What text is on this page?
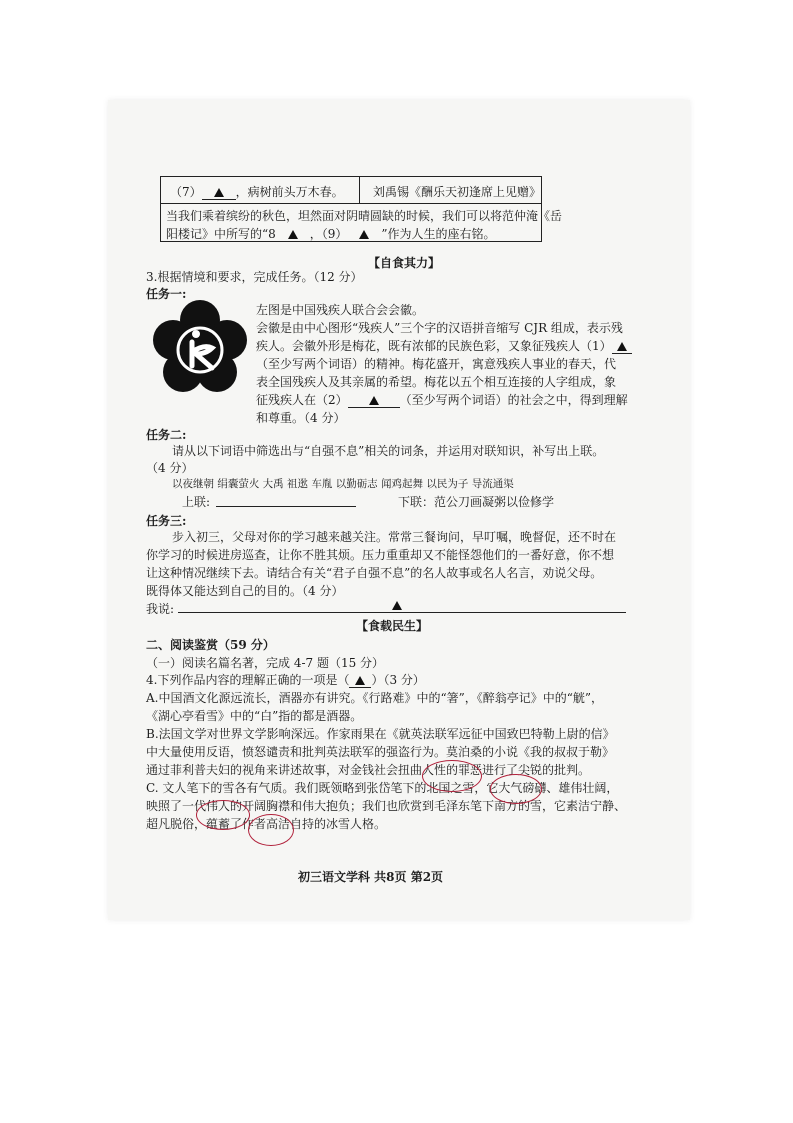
（7）	，病树前头万木春。 刘禹锡《酬乐天初逢席上见赠》
当我们乘着缤纷的秋色，坦然面对阴晴圆缺的时候，我们可以将范仲淹《岳
阳楼记》中所写的“8	，（9）	”作为人生的座右铭。
【自食其力】
3.根据情境和要求，完成任务。（12 分）
任务一:
左图是中国残疾人联合会会徽。
会徽是由中心图形“残疾人”三个字的汉语拼音缩写 CJR 组成，表示残
疾人。会徽外形是梅花，既有浓郁的民族色彩，又象征残疾人（1）
（至少写两个词语）的精神。梅花盛开，寓意残疾人事业的春天，代
表全国残疾人及其亲属的希望。梅花以五个相互连接的人字组成，象
征残疾人在（2）	（至少写两个词语）的社会之中，得到理解
和尊重。（4 分）
任务二:
请从以下词语中筛选出与“自强不息”相关的词条，并运用对联知识，补写出上联。
（4 分）
以夜继朝 绢囊萤火 大禹 祖逖 车胤 以勤砺志 闻鸡起舞 以民为子 导流通渠
上联:	下联：范公刀画凝粥以俭修学
任务三:
步入初三，父母对你的学习越来越关注。常常三餐询问，早叮嘱，晚督促，还不时在
你学习的时候进房巡查，让你不胜其烦。压力重重却又不能怪怨他们的一番好意，你不想
让这种情况继续下去。请结合有关“君子自强不息”的名人故事或名人名言，劝说父母。
既得体又能达到自己的目的。（4 分）
我说:
【食载民生】
二、阅读鉴赏（59 分）
（一）阅读名篇名著，完成 4-7 题（15 分）
4.下列作品内容的理解正确的一项是（ ）（3 分）
A.中国酒文化源远流长，酒器亦有讲究。《行路难》中的“箸”，《醉翁亭记》中的“觥”，
《湖心亭看雪》中的“白”指的都是酒器。
B.法国文学对世界文学影响深远。作家雨果在《就英法联军远征中国致巴特勒上尉的信》
中大量使用反语，愤怒谴责和批判英法联军的强盗行为。莫泊桑的小说《我的叔叔于勒》
通过菲利普夫妇的视角来讲述故事，对金钱社会扭曲人性的罪恶进行了尖锐的批判。
C. 文人笔下的雪各有气质。我们既领略到张岱笔下的北国之雪，它大气磅礴、雄伟壮阔，
映照了一代伟人的开阔胸襟和伟大抱负；我们也欣赏到毛泽东笔下南方的雪，它素洁宁静、
超凡脱俗，蕴蓄了作者高洁自持的冰雪人格。
初三语文学科 共8页 第2页
